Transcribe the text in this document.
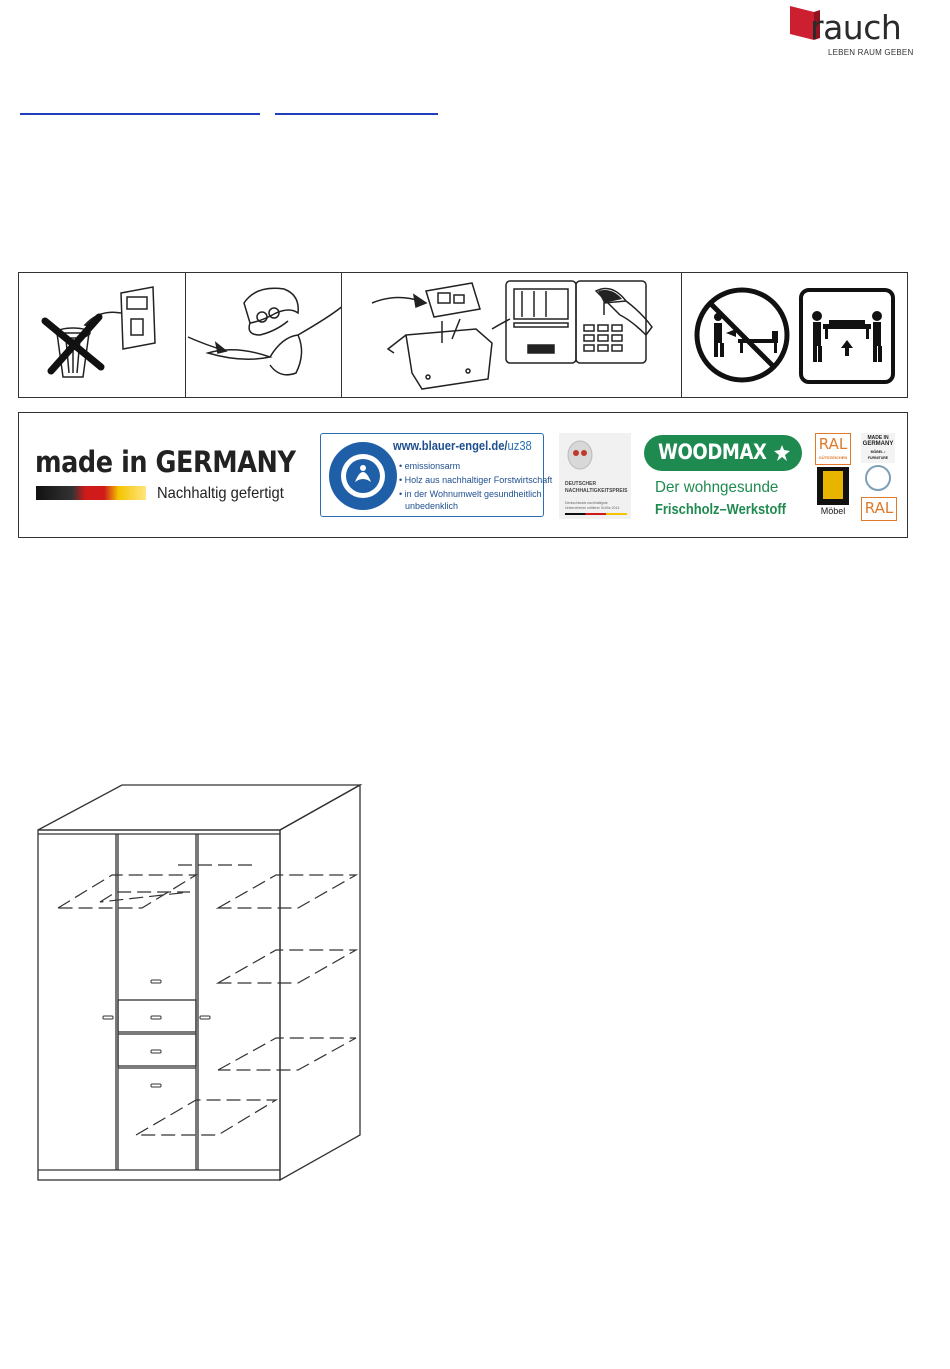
rauch
LEBEN RAUM GEBEN
made in GERMANY
Nachhaltig gefertigt
www.blauer-engel.de/uz38
• emissionsarm
• Holz aus nachhaltiger Forstwirtschaft
• in der Wohnumwelt gesundheitlich
unbedenklich
DEUTSCHER NACHHALTIGKEITSPREIS
Deutschlands nachhaltigste Unternehmen mittlerer Größe 2014
WOODMAX
Der wohngesunde
Frischholz–Werkstoff
RAL
GÜTEZEICHEN
Möbel
MADE IN
GERMANY
MÖBEL • FURNITURE
RAL
